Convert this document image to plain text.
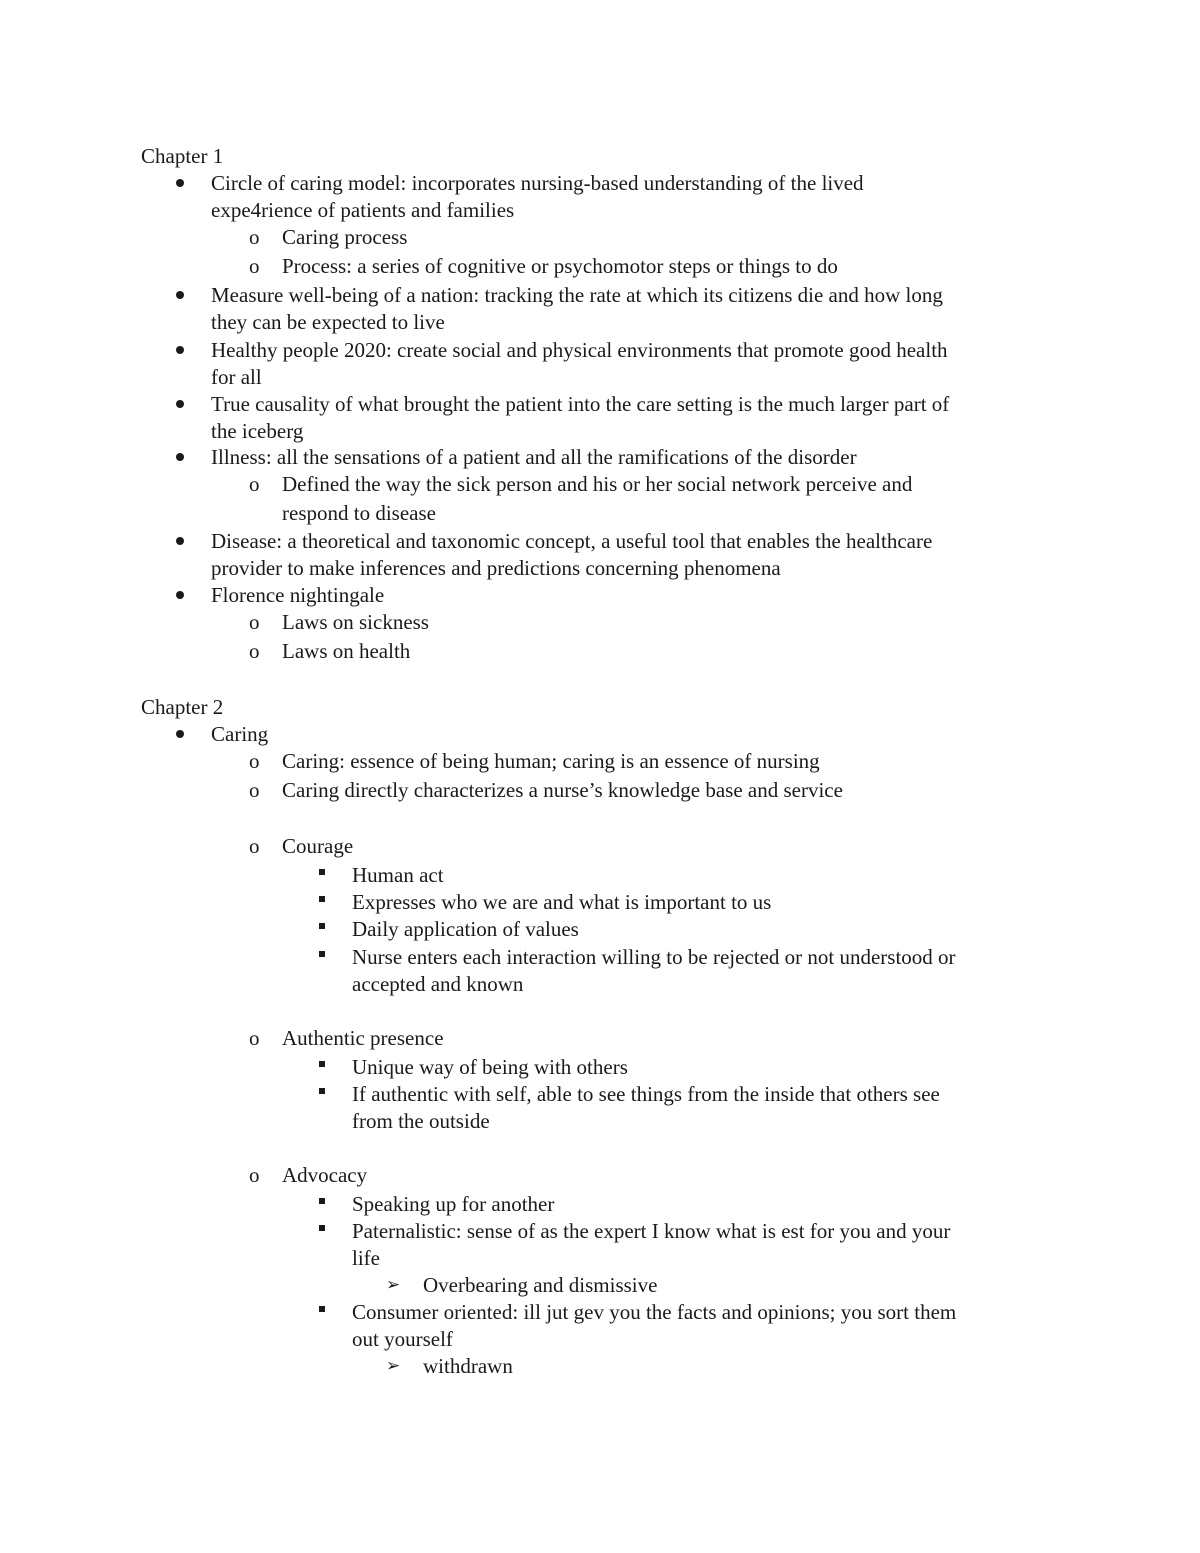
Chapter 1
Circle of caring model: incorporates nursing-based understanding of the lived
expe4rience of patients and families
o Caring process
o Process: a series of cognitive or psychomotor steps or things to do
Measure well-being of a nation: tracking the rate at which its citizens die and how long
they can be expected to live
Healthy people 2020: create social and physical environments that promote good health
for all
True causality of what brought the patient into the care setting is the much larger part of
the iceberg
Illness: all the sensations of a patient and all the ramifications of the disorder
o Defined the way the sick person and his or her social network perceive and
respond to disease
Disease: a theoretical and taxonomic concept, a useful tool that enables the healthcare
provider to make inferences and predictions concerning phenomena
Florence nightingale
o Laws on sickness
o Laws on health
Chapter 2
Caring
o Caring: essence of being human; caring is an essence of nursing
o Caring directly characterizes a nurse’s knowledge base and service
o Courage
Human act
Expresses who we are and what is important to us
Daily application of values
Nurse enters each interaction willing to be rejected or not understood or
accepted and known
o Authentic presence
Unique way of being with others
If authentic with self, able to see things from the inside that others see
from the outside
o Advocacy
Speaking up for another
Paternalistic: sense of as the expert I know what is est for you and your
life
➢ Overbearing and dismissive
Consumer oriented: ill jut gev you the facts and opinions; you sort them
out yourself
➢ withdrawn
